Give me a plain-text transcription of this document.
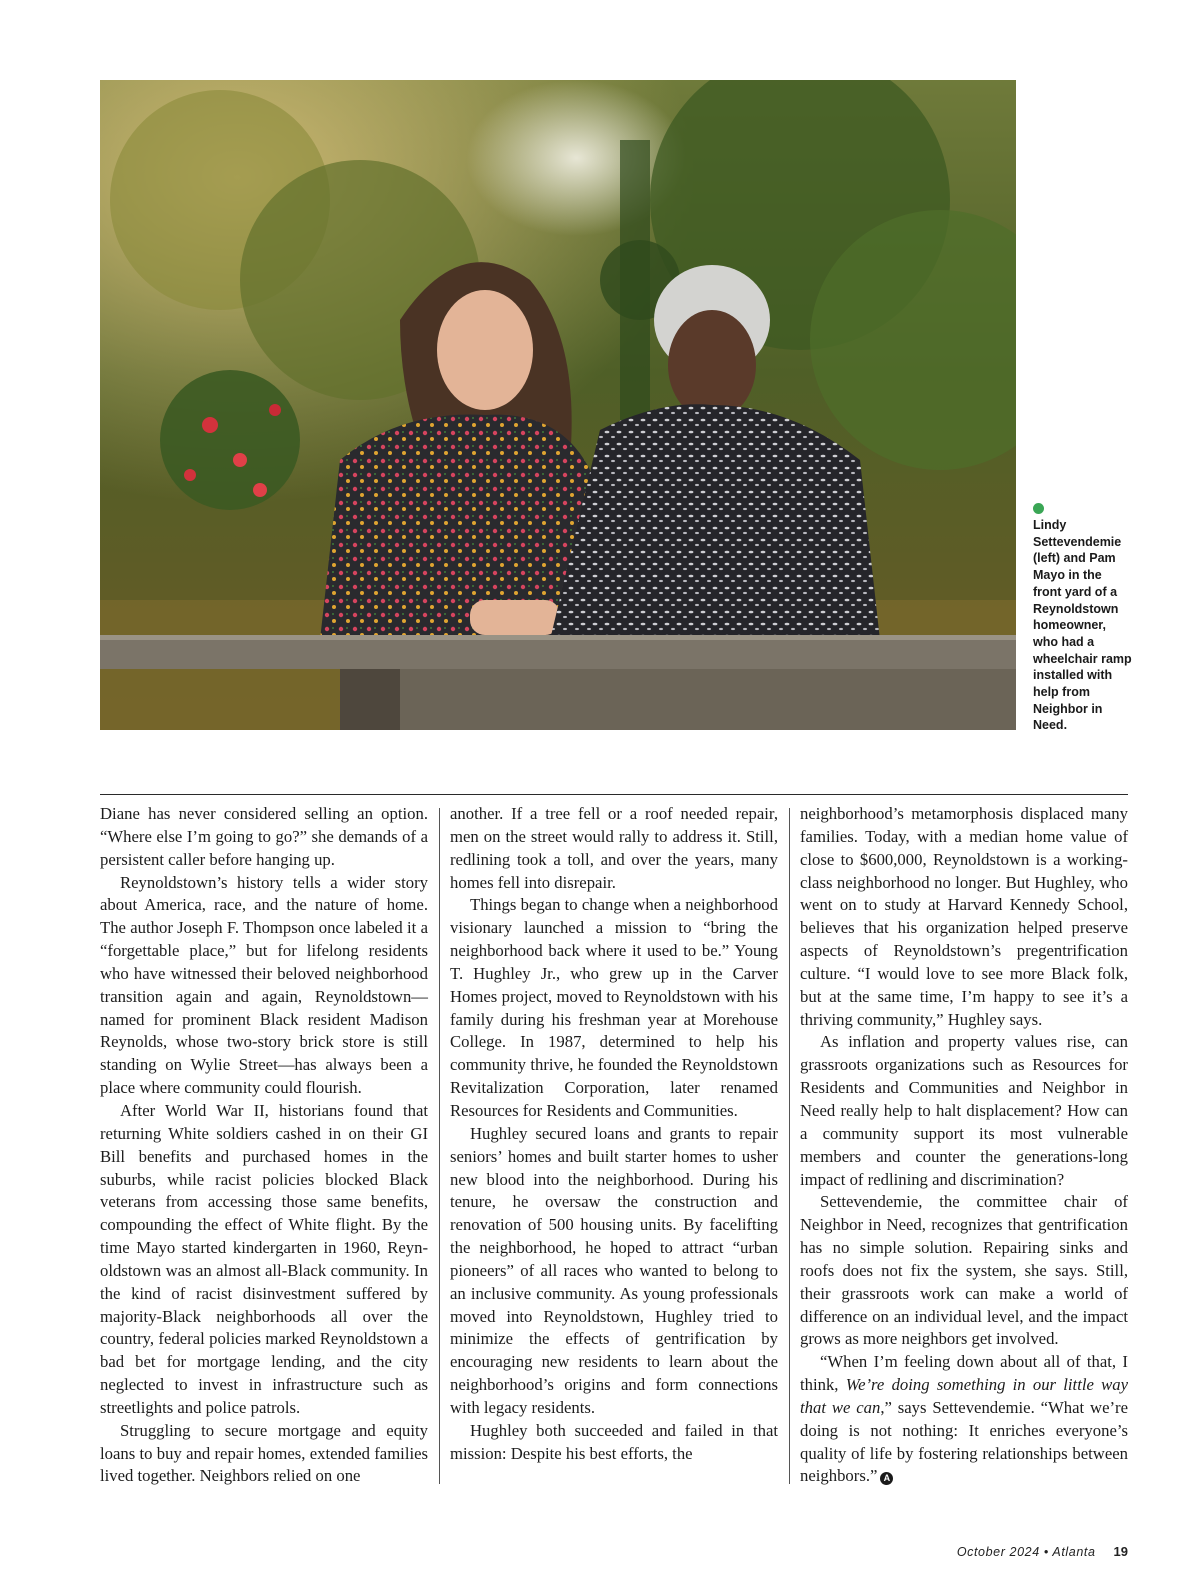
Lindy Settevendemie (left) and Pam Mayo in the front yard of a Reynoldstown homeowner, who had a wheelchair ramp installed with help from Neighbor in Need.

Diane has never considered selling an option. “Where else I’m going to go?” she demands of a persistent caller before hanging up.

Reynoldstown’s history tells a wider story about America, race, and the nature of home. The author Joseph F. Thompson once labeled it a “forgettable place,” but for lifelong residents who have witnessed their beloved neighborhood transition again and again, Reynoldstown—named for prominent Black resident Madison Reynolds, whose two-story brick store is still standing on Wylie Street—has always been a place where community could flourish.

After World War II, historians found that returning White soldiers cashed in on their GI Bill benefits and purchased homes in the suburbs, while racist policies blocked Black veterans from accessing those same benefits, compounding the effect of White flight. By the time Mayo started kindergarten in 1960, Reynoldstown was an almost all-Black community. In the kind of racist disinvestment suffered by majority-Black neighborhoods all over the country, federal policies marked Reynoldstown a bad bet for mortgage lending, and the city neglected to invest in infrastructure such as streetlights and police patrols.

Struggling to secure mortgage and equity loans to buy and repair homes, extended families lived together. Neighbors relied on one

another. If a tree fell or a roof needed repair, men on the street would rally to address it. Still, redlining took a toll, and over the years, many homes fell into disrepair.

Things began to change when a neighborhood visionary launched a mission to “bring the neighborhood back where it used to be.” Young T. Hughley Jr., who grew up in the Carver Homes project, moved to Reynoldstown with his family during his freshman year at Morehouse College. In 1987, determined to help his community thrive, he founded the Reynoldstown Revitalization Corporation, later renamed Resources for Residents and Communities.

Hughley secured loans and grants to repair seniors’ homes and built starter homes to usher new blood into the neighborhood. During his tenure, he oversaw the construction and renovation of 500 housing units. By facelifting the neighborhood, he hoped to attract “urban pioneers” of all races who wanted to belong to an inclusive community. As young professionals moved into Reynoldstown, Hughley tried to minimize the effects of gentrification by encouraging new residents to learn about the neighborhood’s origins and form connections with legacy residents.

Hughley both succeeded and failed in that mission: Despite his best efforts, the

neighborhood’s metamorphosis displaced many families. Today, with a median home value of close to $600,000, Reynoldstown is a working-class neighborhood no longer. But Hughley, who went on to study at Harvard Kennedy School, believes that his organization helped preserve aspects of Reynoldstown’s pregentrification culture. “I would love to see more Black folk, but at the same time, I’m happy to see it’s a thriving community,” Hughley says.

As inflation and property values rise, can grassroots organizations such as Resources for Residents and Communities and Neighbor in Need really help to halt displacement? How can a community support its most vulnerable members and counter the generations-long impact of redlining and discrimination?

Settevendemie, the committee chair of Neighbor in Need, recognizes that gentrification has no simple solution. Repairing sinks and roofs does not fix the system, she says. Still, their grassroots work can make a world of difference on an individual level, and the impact grows as more neighbors get involved.

“When I’m feeling down about all of that, I think, We’re doing something in our little way that we can,” says Settevendemie. “What we’re doing is not nothing: It enriches everyone’s quality of life by fostering relationships between neighbors.” A

October 2024 • Atlanta 19
